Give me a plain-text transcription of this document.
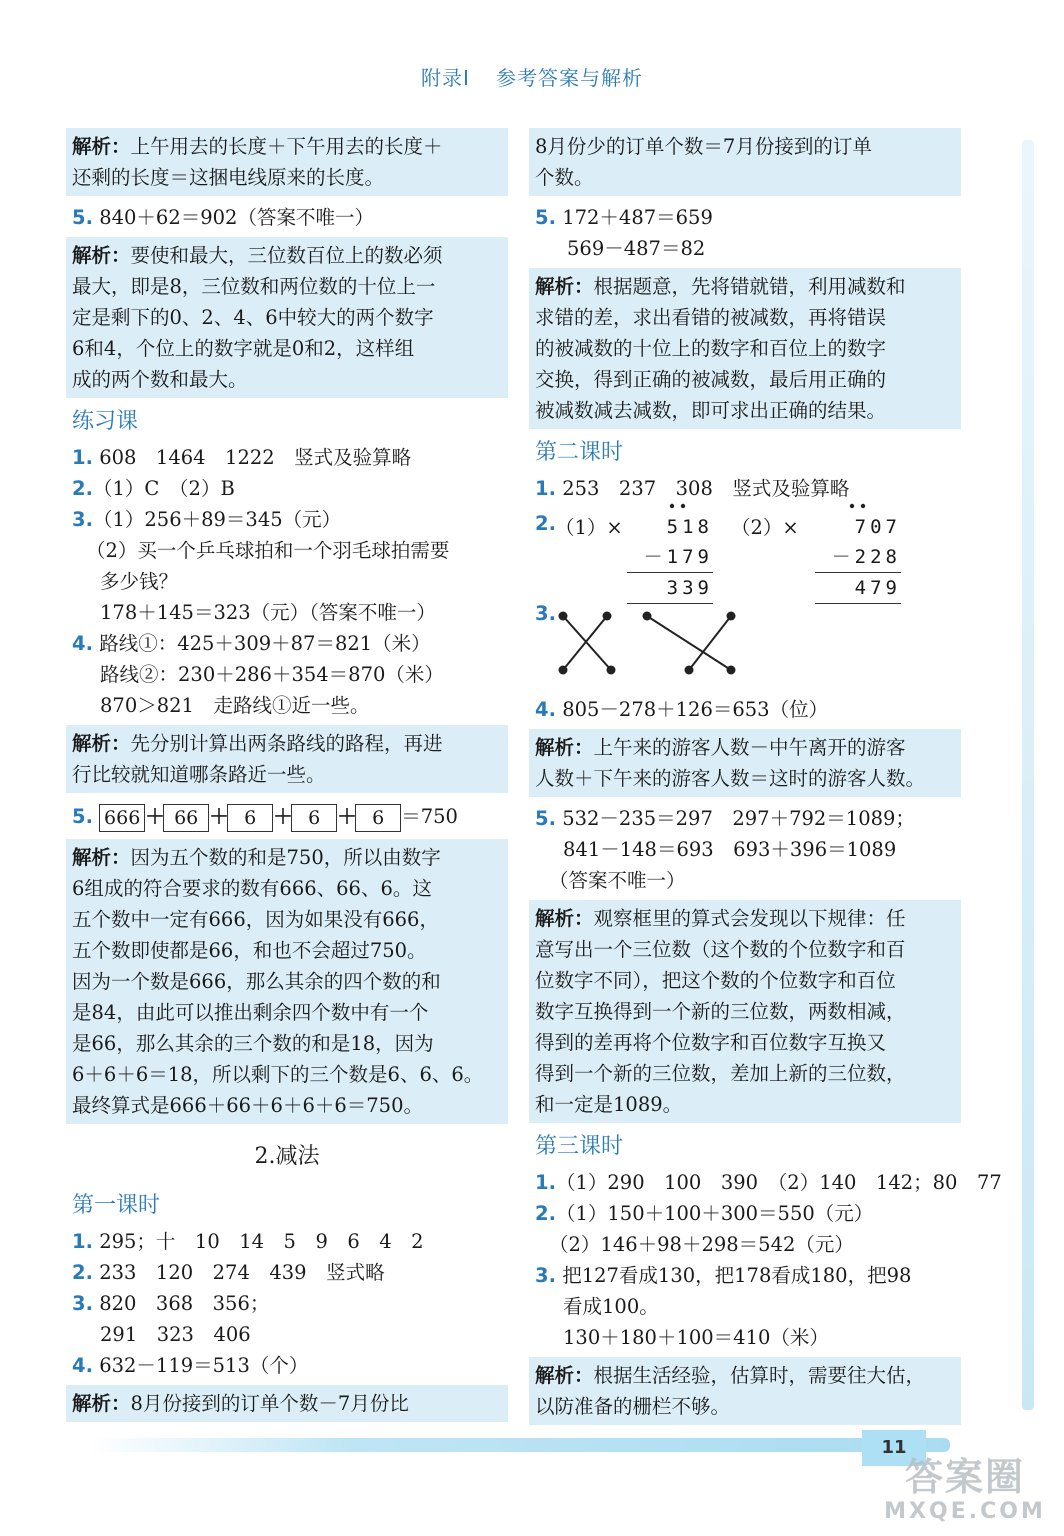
附录Ⅰ 参考答案与解析
解析：上午用去的长度＋下午用去的长度＋
还剩的长度＝这捆电线原来的长度。
5. 840＋62＝902（答案不唯一）
解析：要使和最大，三位数百位上的数必须
最大，即是8，三位数和两位数的十位上一
定是剩下的0、2、4、6中较大的两个数字
6和4，个位上的数字就是0和2，这样组
成的两个数和最大。
练习课
1. 608　1464　1222　竖式及验算略
2.（1）C　（2）B
3.（1）256＋89＝345（元）
（2）买一个乒乓球拍和一个羽毛球拍需要
多少钱？
178＋145＝323（元）（答案不唯一）
4. 路线①：425＋309＋87＝821（米）
路线②：230＋286＋354＝870（米）
870＞821　走路线①近一些。
解析：先分别计算出两条路线的路程，再进
行比较就知道哪条路近一些。
5. 666 ＋ 66 ＋ 6 ＋ 6 ＋ 6 ＝750
解析：因为五个数的和是750，所以由数字
6组成的符合要求的数有666、66、6。这
五个数中一定有666，因为如果没有666，
五个数即使都是66，和也不会超过750。
因为一个数是666，那么其余的四个数的和
是84，由此可以推出剩余四个数中有一个
是66，那么其余的三个数的和是18，因为
6＋6＋6＝18，所以剩下的三个数是6、6、6。
最终算式是666＋66＋6＋6＋6＝750。
2.减法
第一课时
1. 295；十　10　14　5　9　6　4　2
2. 233　120　274　439　竖式略
3. 820　368　356；
291　323　406
4. 632－119＝513（个）
解析：8月份接到的订单个数－7月份比
8月份少的订单个数＝7月份接到的订单
个数。
5. 172＋487＝659
569－487＝82
解析：根据题意，先将错就错，利用减数和
求错的差，求出看错的被减数，再将错误
的被减数的十位上的数字和百位上的数字
交换，得到正确的被减数，最后用正确的
被减数减去减数，即可求出正确的结果。
第二课时
1. 253　237　308　竖式及验算略
2. （1）×	518
－179
339
（2）×	707
－228
479
3.
4. 805－278＋126＝653（位）
解析：上午来的游客人数－中午离开的游客
人数＋下午来的游客人数＝这时的游客人数。
5. 532－235＝297　297＋792＝1089；
841－148＝693　693＋396＝1089
（答案不唯一）
解析：观察框里的算式会发现以下规律：任
意写出一个三位数（这个数的个位数字和百
位数字不同），把这个数的个位数字和百位
数字互换得到一个新的三位数，两数相减，
得到的差再将个位数字和百位数字互换又
得到一个新的三位数，差加上新的三位数，
和一定是1089。
第三课时
1.（1）290　100　390　（2）140　142；80　77
2.（1）150＋100＋300＝550（元）
（2）146＋98＋298＝542（元）
3. 把127看成130，把178看成180，把98
看成100。
130＋180＋100＝410（米）
解析：根据生活经验，估算时，需要往大估，
以防准备的栅栏不够。
11
答案圈
MXQE.COM
